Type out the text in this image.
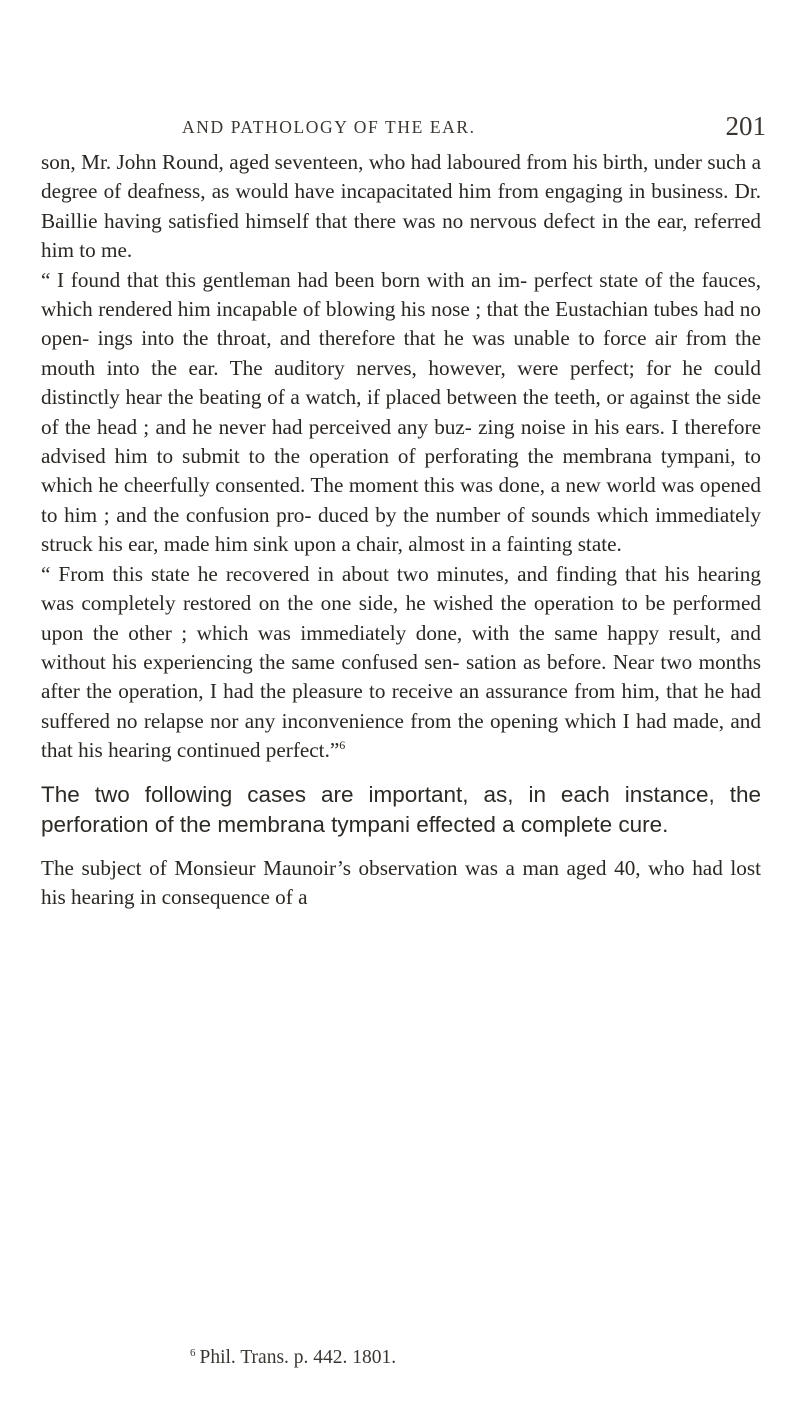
AND PATHOLOGY OF THE EAR.	201

son, Mr. John Round, aged seventeen, who had laboured from his birth, under such a degree of deafness, as would have incapacitated him from engaging in business. Dr. Baillie having satisfied himself that there was no nervous defect in the ear, referred him to me.

“ I found that this gentleman had been born with an im- perfect state of the fauces, which rendered him incapable of blowing his nose ; that the Eustachian tubes had no open- ings into the throat, and therefore that he was unable to force air from the mouth into the ear. The auditory nerves, however, were perfect; for he could distinctly hear the beating of a watch, if placed between the teeth, or against the side of the head ; and he never had perceived any buz- zing noise in his ears. I therefore advised him to submit to the operation of perforating the membrana tympani, to which he cheerfully consented. The moment this was done, a new world was opened to him ; and the confusion pro- duced by the number of sounds which immediately struck his ear, made him sink upon a chair, almost in a fainting state.

“ From this state he recovered in about two minutes, and finding that his hearing was completely restored on the one side, he wished the operation to be performed upon the other ; which was immediately done, with the same happy result, and without his experiencing the same confused sen- sation as before. Near two months after the operation, I had the pleasure to receive an assurance from him, that he had suffered no relapse nor any inconvenience from the opening which I had made, and that his hearing continued perfect.”$^6$

The two following cases are important, as, in each instance, the perforation of the membrana tympani effected a complete cure.

The subject of Monsieur Maunoir’s observation was a man aged 40, who had lost his hearing in consequence of a

$^6$ Phil. Trans. p. 442. 1801.
